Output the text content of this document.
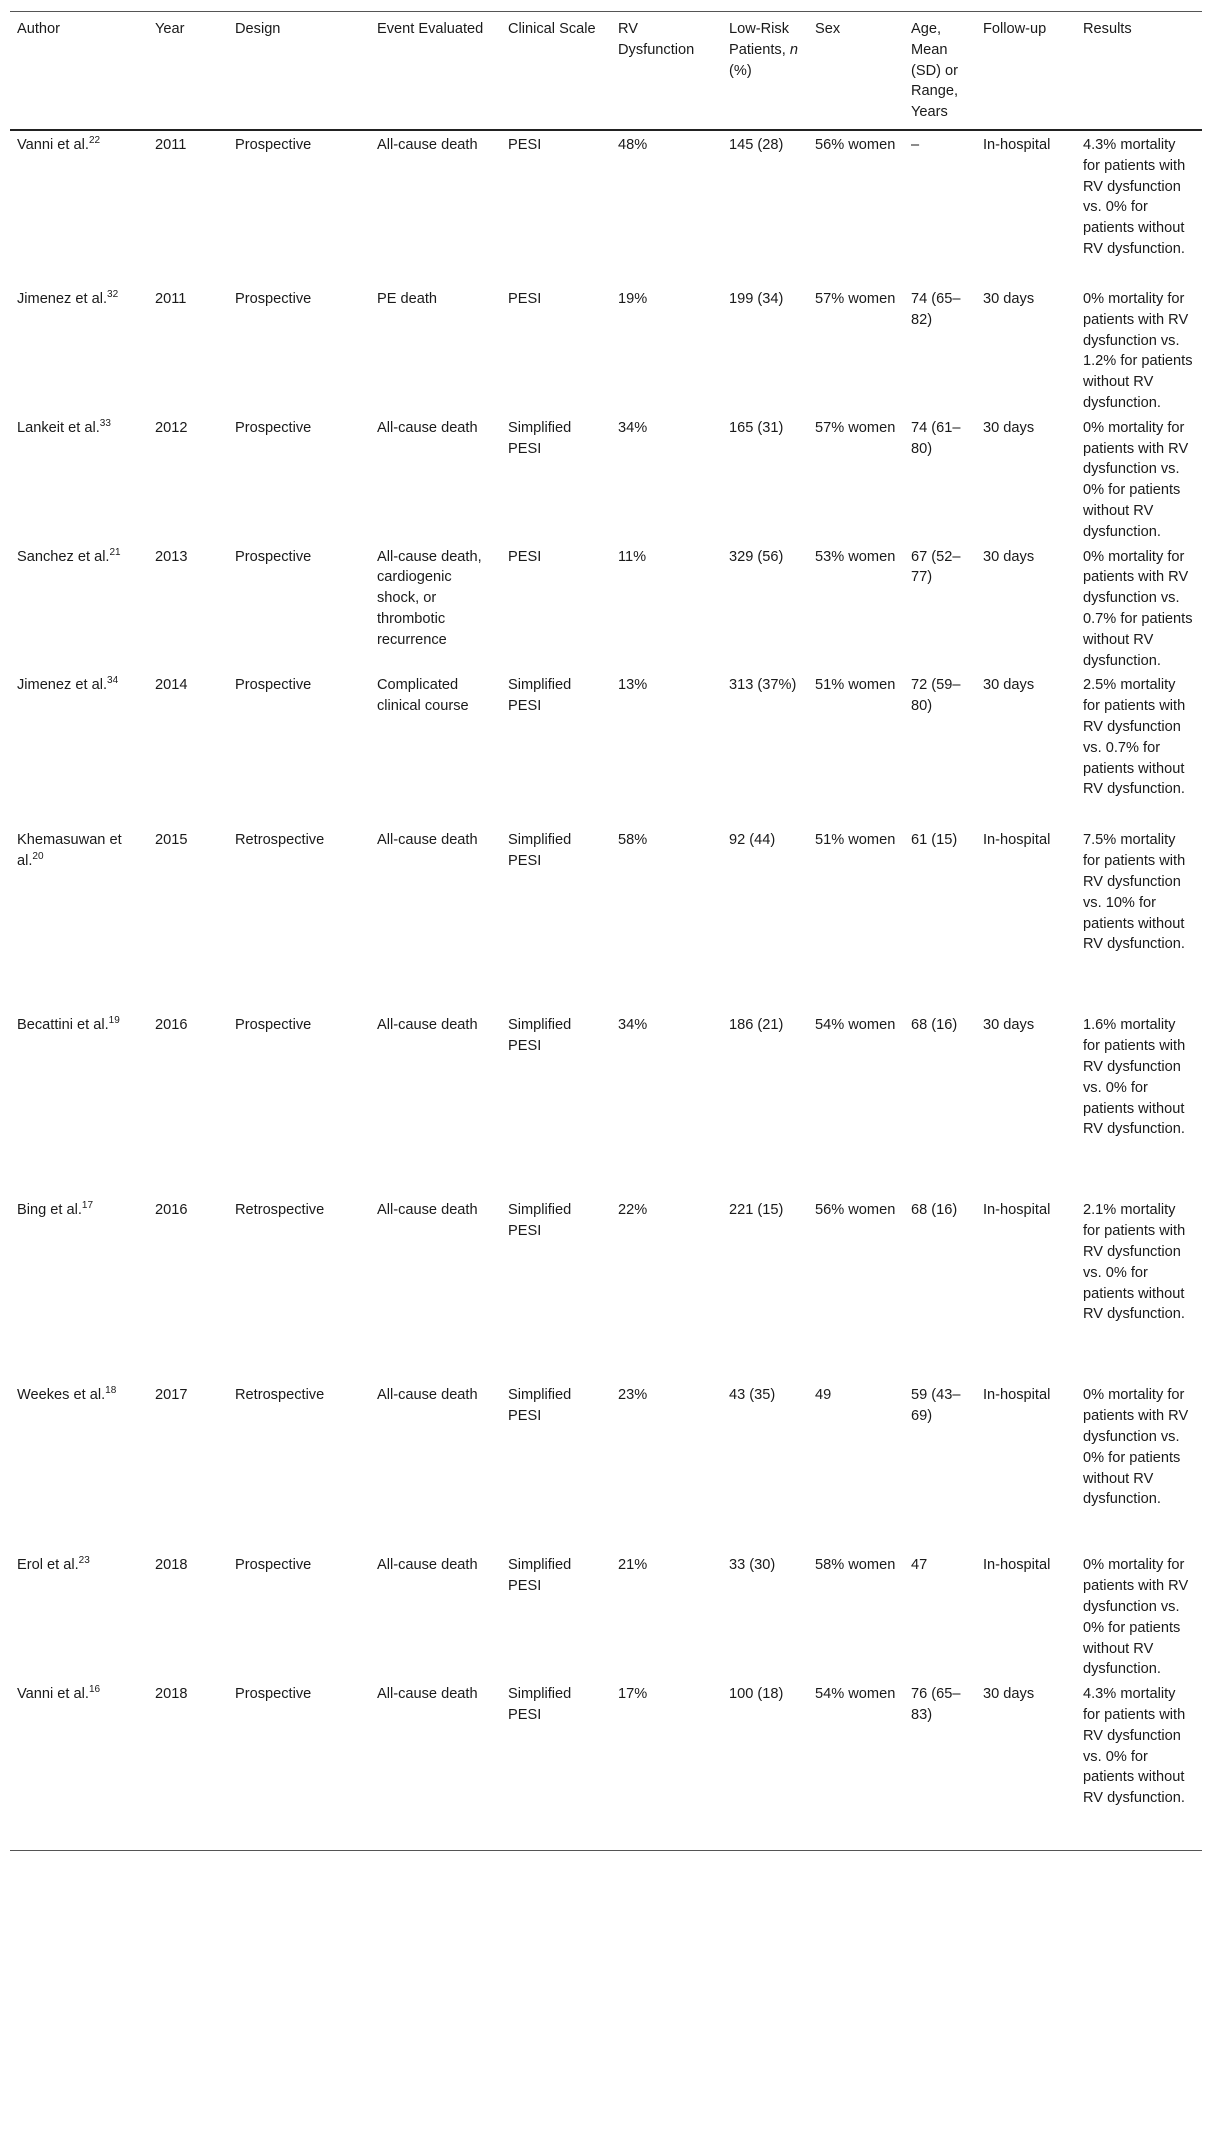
Author	Year	Design	Event Evaluated	Clinical Scale	RV Dysfunction	Low-Risk Patients, n (%)	Sex	Age, Mean (SD) or Range, Years	Follow-up	Results
Vanni et al.$^{22}$	2011	Prospective	All-cause death	PESI	48%	145 (28)	56% women	–	In-hospital	4.3% mortality for patients with RV dysfunction vs. 0% for patients without RV dysfunction.
Jimenez et al.$^{32}$	2011	Prospective	PE death	PESI	19%	199 (34)	57% women	74 (65–82)	30 days	0% mortality for patients with RV dysfunction vs. 1.2% for patients without RV dysfunction.
Lankeit et al.$^{33}$	2012	Prospective	All-cause death	Simplified PESI	34%	165 (31)	57% women	74 (61–80)	30 days	0% mortality for patients with RV dysfunction vs. 0% for patients without RV dysfunction.
Sanchez et al.$^{21}$	2013	Prospective	All-cause death, cardiogenic shock, or thrombotic recurrence	PESI	11%	329 (56)	53% women	67 (52–77)	30 days	0% mortality for patients with RV dysfunction vs. 0.7% for patients without RV dysfunction.
Jimenez et al.$^{34}$	2014	Prospective	Complicated clinical course	Simplified PESI	13%	313 (37%)	51% women	72 (59–80)	30 days	2.5% mortality for patients with RV dysfunction vs. 0.7% for patients without RV dysfunction.
Khemasuwan et al.$^{20}$	2015	Retrospective	All-cause death	Simplified PESI	58%	92 (44)	51% women	61 (15)	In-hospital	7.5% mortality for patients with RV dysfunction vs. 10% for patients without RV dysfunction.
Becattini et al.$^{19}$	2016	Prospective	All-cause death	Simplified PESI	34%	186 (21)	54% women	68 (16)	30 days	1.6% mortality for patients with RV dysfunction vs. 0% for patients without RV dysfunction.
Bing et al.$^{17}$	2016	Retrospective	All-cause death	Simplified PESI	22%	221 (15)	56% women	68 (16)	In-hospital	2.1% mortality for patients with RV dysfunction vs. 0% for patients without RV dysfunction.
Weekes et al.$^{18}$	2017	Retrospective	All-cause death	Simplified PESI	23%	43 (35)	49	59 (43–69)	In-hospital	0% mortality for patients with RV dysfunction vs. 0% for patients without RV dysfunction.
Erol et al.$^{23}$	2018	Prospective	All-cause death	Simplified PESI	21%	33 (30)	58% women	47	In-hospital	0% mortality for patients with RV dysfunction vs. 0% for patients without RV dysfunction.
Vanni et al.$^{16}$	2018	Prospective	All-cause death	Simplified PESI	17%	100 (18)	54% women	76 (65–83)	30 days	4.3% mortality for patients with RV dysfunction vs. 0% for patients without RV dysfunction.
